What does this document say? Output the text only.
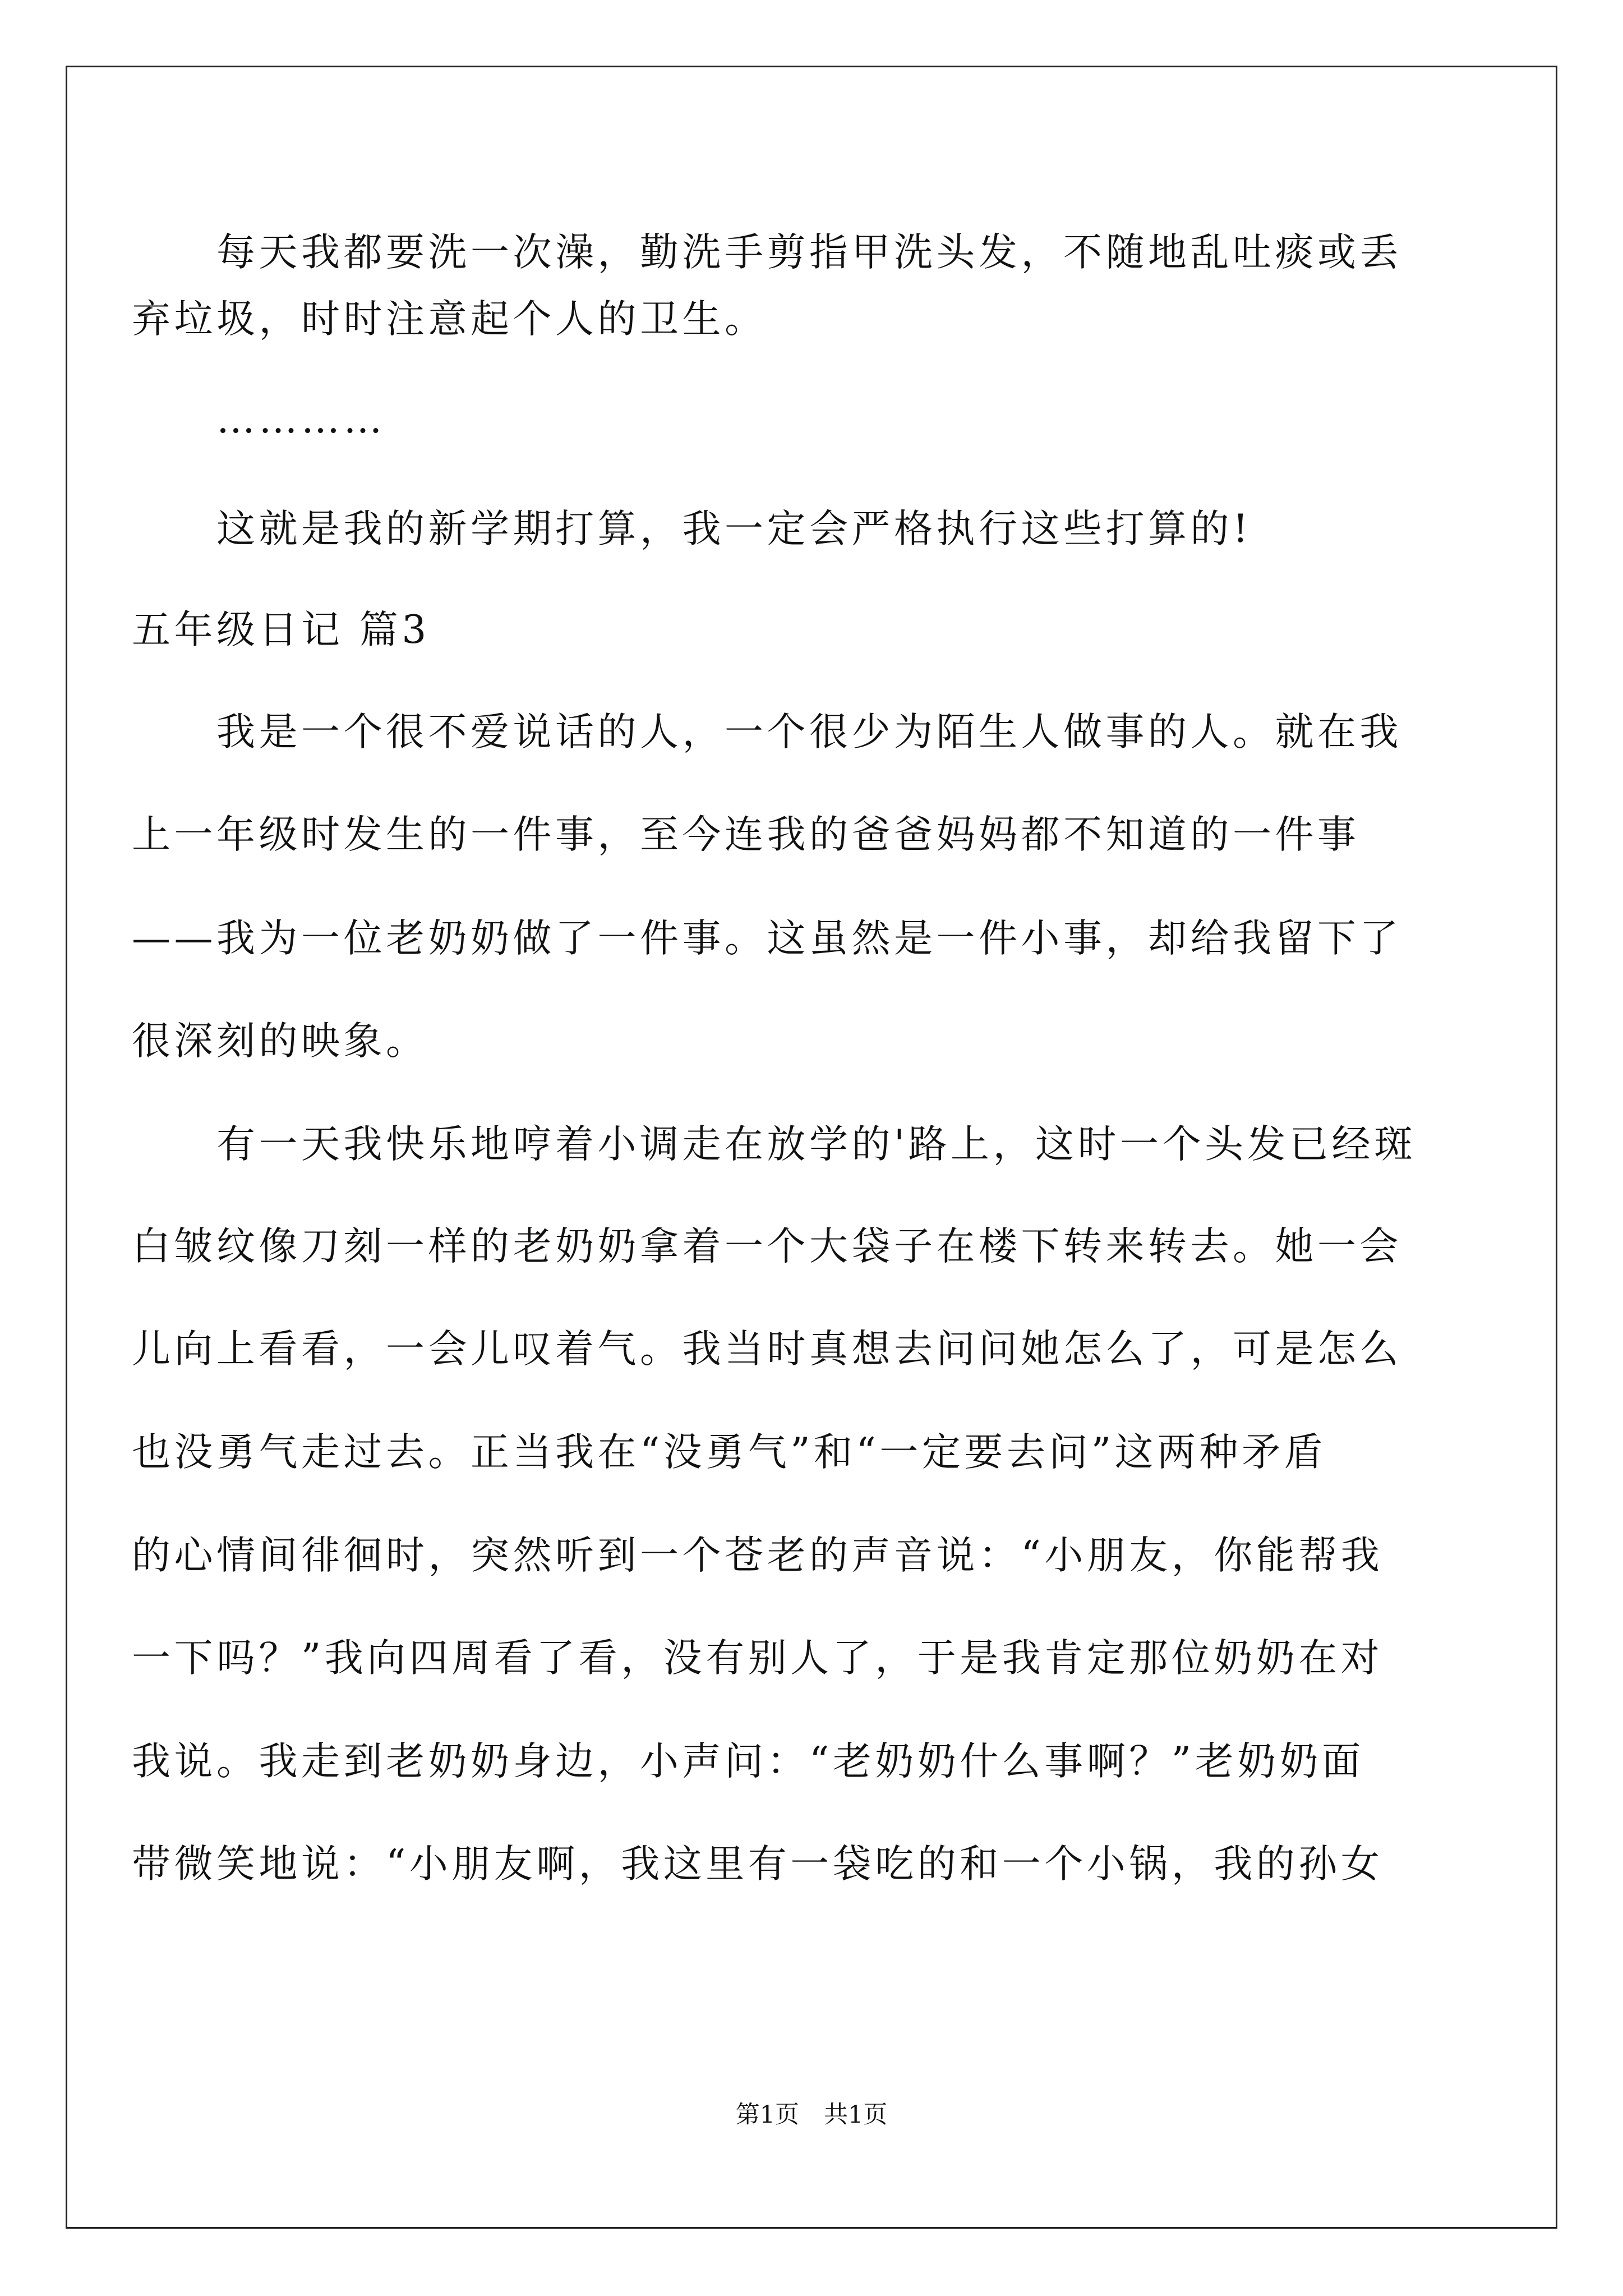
每天我都要洗一次澡，勤洗手剪指甲洗头发，不随地乱吐痰或丢
弃垃圾，时时注意起个人的卫生。
…………
这就是我的新学期打算，我一定会严格执行这些打算的!
五年级日记 篇3
我是一个很不爱说话的人，一个很少为陌生人做事的人。就在我
上一年级时发生的一件事，至今连我的爸爸妈妈都不知道的一件事
——我为一位老奶奶做了一件事。这虽然是一件小事，却给我留下了
很深刻的映象。
有一天我快乐地哼着小调走在放学的'路上，这时一个头发已经斑
白皱纹像刀刻一样的老奶奶拿着一个大袋子在楼下转来转去。她一会
儿向上看看，一会儿叹着气。我当时真想去问问她怎么了，可是怎么
也没勇气走过去。正当我在“没勇气”和“一定要去问”这两种矛盾
的心情间徘徊时，突然听到一个苍老的声音说：“小朋友，你能帮我
一下吗？”我向四周看了看，没有别人了，于是我肯定那位奶奶在对
我说。我走到老奶奶身边，小声问：“老奶奶什么事啊？”老奶奶面
带微笑地说：“小朋友啊，我这里有一袋吃的和一个小锅，我的孙女
第1页 共1页
